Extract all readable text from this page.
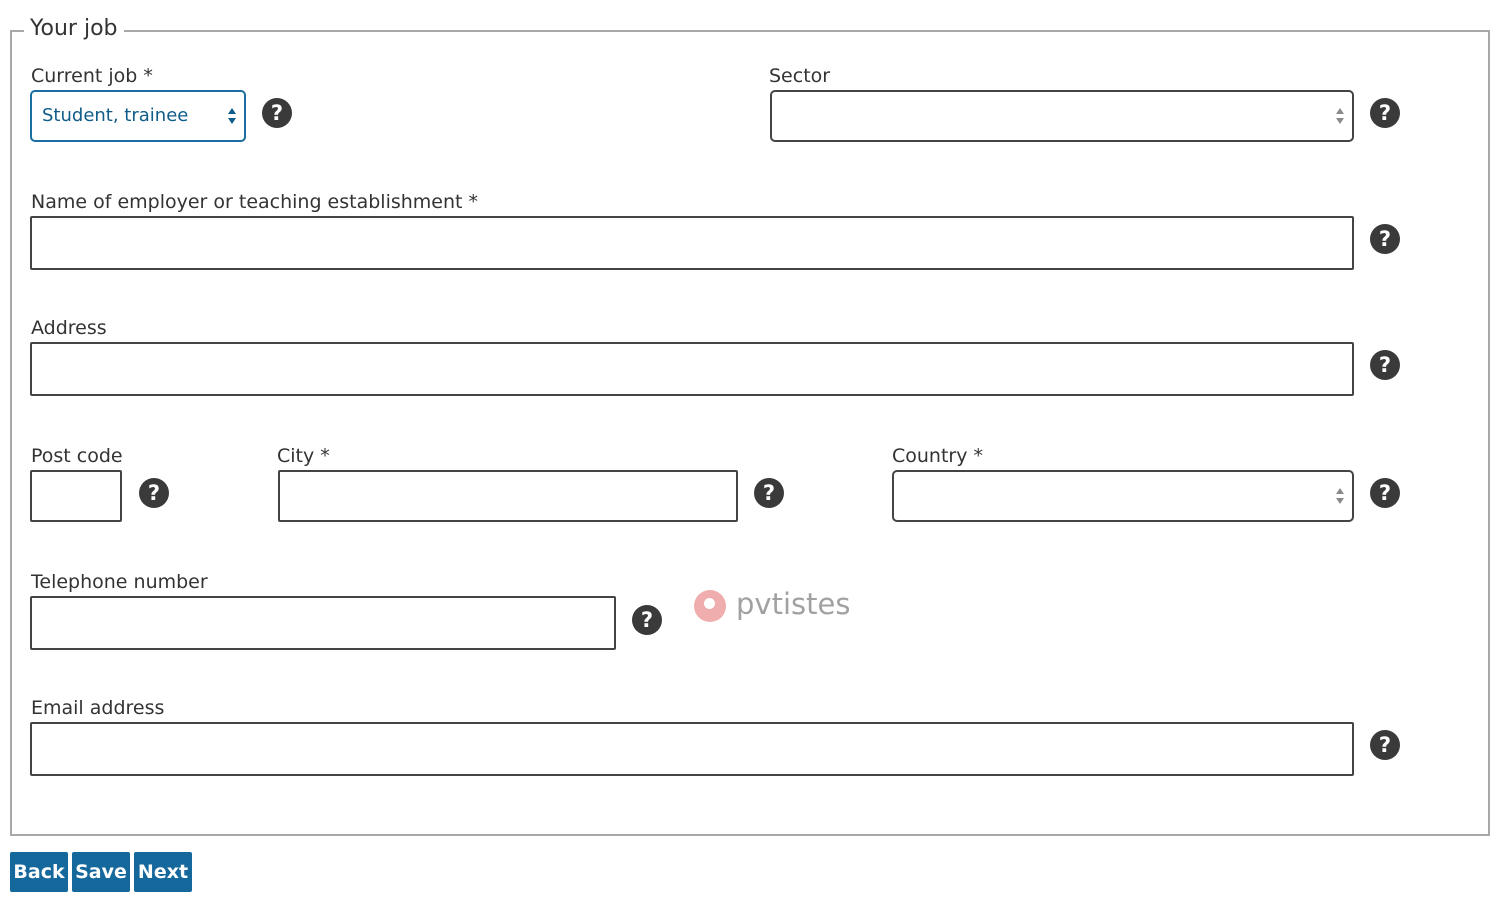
Your job
Current job *
Student, trainee	?
Sector
?
Name of employer or teaching establishment *
?
Address
?
Post code
?
City *
?
Country *
?
Telephone number
?	pvtistes
Email address
?
Back Save Next
